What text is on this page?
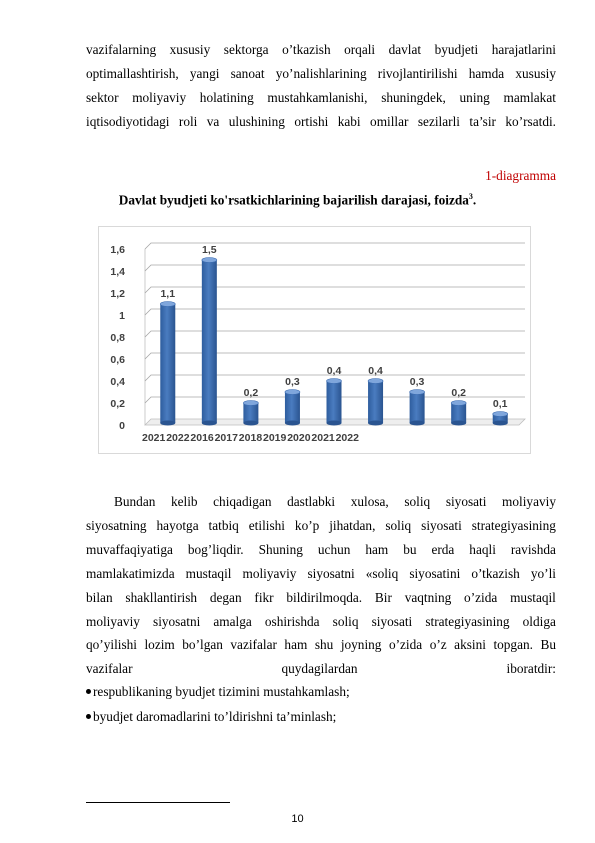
vazifalarning xususiy sektorga o’tkazish orqali davlat byudjeti harajatlarini
optimallashtirish, yangi sanoat yo’nalishlarining rivojlantirilishi hamda xususiy
sektor moliyaviy holatining mustahkamlanishi, shuningdek, uning mamlakat
iqtisodiyotidagi roli va ulushining ortishi kabi omillar sezilarli ta’sir ko’rsatdi.
1-diagramma
Davlat byudjeti ko'rsatkichlarining bajarilish darajasi, foizda$^3$.
0
0,2
0,4
0,6
0,8
1
1,2
1,4
1,6
1,1
1,5
0,2
0,3
0,4	0,4
0,3
0,2
0,1
2021 2022 2016 2017 2018 2019 2020 2021 2022
Bundan kelib chiqadigan dastlabki xulosa, soliq siyosati moliyaviy
siyosatning hayotga tatbiq etilishi ko’p jihatdan, soliq siyosati strategiyasining
muvaffaqiyatiga bog’liqdir. Shuning uchun ham bu erda haqli ravishda
mamlakatimizda mustaqil moliyaviy siyosatni «soliq siyosatini o’tkazish yo’li
bilan shakllantirish degan fikr bildirilmoqda. Bir vaqtning o’zida mustaqil
moliyaviy siyosatni amalga oshirishda soliq siyosati strategiyasining oldiga
qo’yilishi lozim bo’lgan vazifalar ham shu joyning o’zida o’z aksini topgan. Bu
vazifalar quydagilardan iboratdir:
respublikaning byudjet tizimini mustahkamlash;
byudjet daromadlarini to’ldirishni ta’minlash;
10
